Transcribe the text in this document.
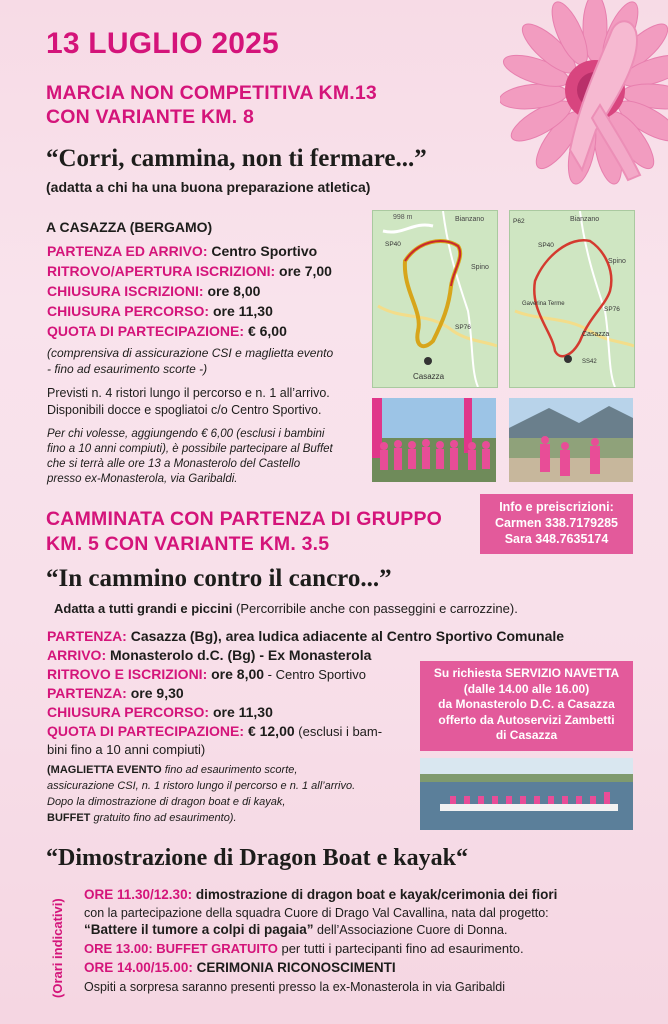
13 LUGLIO 2025
MARCIA NON COMPETITIVA KM.13
CON VARIANTE KM. 8
“Corri, cammina, non ti fermare...”
(adatta a chi ha una buona preparazione atletica)
A CASAZZA (BERGAMO)
PARTENZA ED ARRIVO: Centro Sportivo
RITROVO/APERTURA ISCRIZIONI: ore 7,00
CHIUSURA ISCRIZIONI: ore 8,00
CHIUSURA PERCORSO: ore 11,30
QUOTA DI PARTECIPAZIONE: € 6,00
(comprensiva di assicurazione CSI e maglietta evento
- fino ad esaurimento scorte -)
Previsti n. 4 ristori lungo il percorso e n. 1 all’arrivo.
Disponibili docce e spogliatoi c/o Centro Sportivo.
Per chi volesse, aggiungendo € 6,00 (esclusi i bambini
fino a 10 anni compiuti), è possibile partecipare al Buffet
che si terrà alle ore 13 a Monasterolo del Castello
presso ex-Monasterola, via Garibaldi.
998 m	Bianzano
SP40
Spino
SP76
Casazza
P62	Bianzano
SP40
Spino
Gaverina Terme
SP76
Casazza
SS42
Info e preiscrizioni:
Carmen 338.7179285
Sara 348.7635174
CAMMINATA CON PARTENZA DI GRUPPO
KM. 5 CON VARIANTE KM. 3.5
“In cammino contro il cancro...”
Adatta a tutti grandi e piccini (Percorribile anche con passeggini e carrozzine).
PARTENZA: Casazza (Bg), area ludica adiacente al Centro Sportivo Comunale
ARRIVO: Monasterolo d.C. (Bg) - Ex Monasterola
RITROVO E ISCRIZIONI: ore 8,00 - Centro Sportivo
PARTENZA: ore 9,30
CHIUSURA PERCORSO: ore 11,30
QUOTA DI PARTECIPAZIONE: € 12,00 (esclusi i bam-
bini fino a 10 anni compiuti)
(MAGLIETTA EVENTO fino ad esaurimento scorte,
assicurazione CSI, n. 1 ristoro lungo il percorso e n. 1 all’arrivo.
Dopo la dimostrazione di dragon boat e di kayak,
BUFFET gratuito fino ad esaurimento).
Su richiesta SERVIZIO NAVETTA
(dalle 14.00 alle 16.00)
da Monasterolo D.C. a Casazza
offerto da Autoservizi Zambetti
di Casazza
“Dimostrazione di Dragon Boat e kayak“
(Orari indicativi)
ORE 11.30/12.30: dimostrazione di dragon boat e kayak/cerimonia dei fiori
con la partecipazione della squadra Cuore di Drago Val Cavallina, nata dal progetto:
“Battere il tumore a colpi di pagaia” dell’Associazione Cuore di Donna.
ORE 13.00: BUFFET GRATUITO per tutti i partecipanti fino ad esaurimento.
ORE 14.00/15.00: CERIMONIA RICONOSCIMENTI
Ospiti a sorpresa saranno presenti presso la ex-Monasterola in via Garibaldi
